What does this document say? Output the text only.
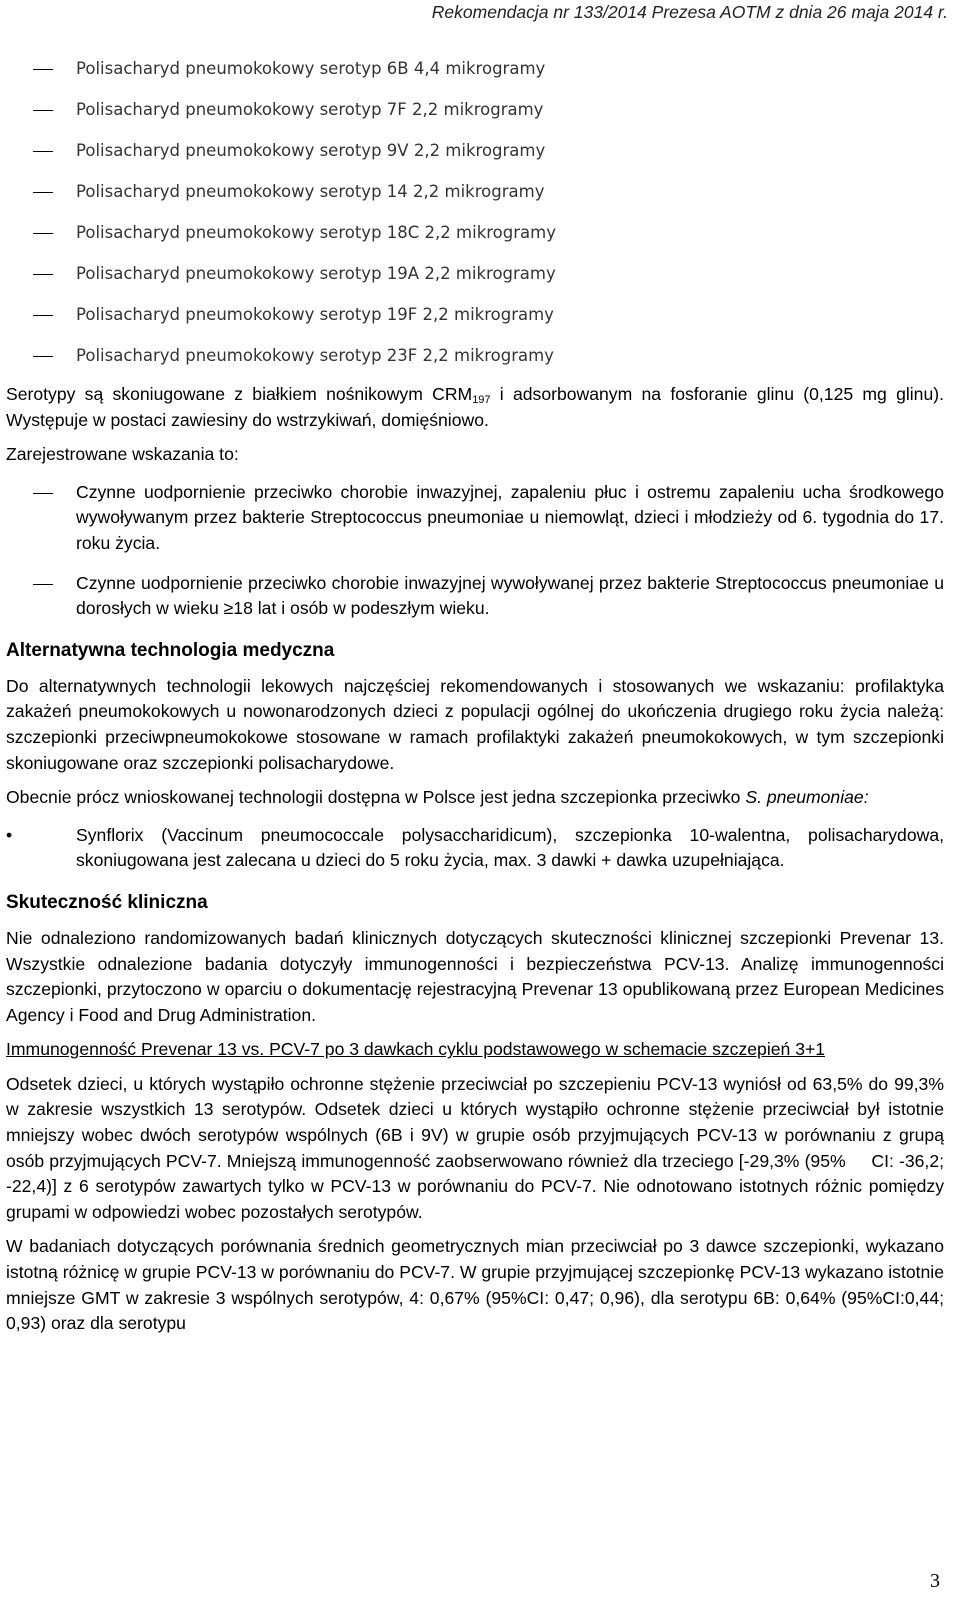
Rekomendacja nr 133/2014 Prezesa AOTM z dnia 26 maja 2014 r.
Polisacharyd pneumokokowy serotyp 6B 4,4 mikrogramy
Polisacharyd pneumokokowy serotyp 7F 2,2 mikrogramy
Polisacharyd pneumokokowy serotyp 9V 2,2 mikrogramy
Polisacharyd pneumokokowy serotyp 14 2,2 mikrogramy
Polisacharyd pneumokokowy serotyp 18C 2,2 mikrogramy
Polisacharyd pneumokokowy serotyp 19A 2,2 mikrogramy
Polisacharyd pneumokokowy serotyp 19F 2,2 mikrogramy
Polisacharyd pneumokokowy serotyp 23F 2,2 mikrogramy

Serotypy są skoniugowane z białkiem nośnikowym $CRM_{197}$ i adsorbowanym na fosforanie glinu (0,125 mg glinu). Występuje w postaci zawiesiny do wstrzykiwań, domięśniowo.

Zarejestrowane wskazania to:

Czynne uodpornienie przeciwko chorobie inwazyjnej, zapaleniu płuc i ostremu zapaleniu ucha środkowego wywoływanym przez bakterie Streptococcus pneumoniae u niemowląt, dzieci i młodzieży od 6. tygodnia do 17. roku życia.
Czynne uodpornienie przeciwko chorobie inwazyjnej wywoływanej przez bakterie Streptococcus pneumoniae u dorosłych w wieku ≥18 lat i osób w podeszłym wieku.
Alternatywna technologia medyczna

Do alternatywnych technologii lekowych najczęściej rekomendowanych i stosowanych we wskazaniu: profilaktyka zakażeń pneumokokowych u nowonarodzonych dzieci z populacji ogólnej do ukończenia drugiego roku życia należą: szczepionki przeciwpneumokokowe stosowane w ramach profilaktyki zakażeń pneumokokowych, w tym szczepionki skoniugowane oraz szczepionki polisacharydowe.

Obecnie prócz wnioskowanej technologii dostępna w Polsce jest jedna szczepionka przeciwko S. pneumoniae:

•	Synflorix (Vaccinum pneumococcale polysaccharidicum), szczepionka 10-walentna, polisacharydowa, skoniugowana jest zalecana u dzieci do 5 roku życia, max. 3 dawki + dawka uzupełniająca.
Skuteczność kliniczna

Nie odnaleziono randomizowanych badań klinicznych dotyczących skuteczności klinicznej szczepionki Prevenar 13. Wszystkie odnalezione badania dotyczyły immunogenności i bezpieczeństwa PCV-13. Analizę immunogenności szczepionki, przytoczono w oparciu o dokumentację rejestracyjną Prevenar 13 opublikowaną przez European Medicines Agency i Food and Drug Administration.

Immunogenność Prevenar 13 vs. PCV-7 po 3 dawkach cyklu podstawowego w schemacie szczepień 3+1

Odsetek dzieci, u których wystąpiło ochronne stężenie przeciwciał po szczepieniu PCV-13 wyniósł od 63,5% do 99,3% w zakresie wszystkich 13 serotypów. Odsetek dzieci u których wystąpiło ochronne stężenie przeciwciał był istotnie mniejszy wobec dwóch serotypów wspólnych (6B i 9V) w grupie osób przyjmujących PCV-13 w porównaniu z grupą osób przyjmujących PCV-7. Mniejszą immunogenność zaobserwowano również dla trzeciego [-29,3% (95%     CI: -36,2; -22,4)] z 6 serotypów zawartych tylko w PCV-13 w porównaniu do PCV-7. Nie odnotowano istotnych różnic pomiędzy grupami w odpowiedzi wobec pozostałych serotypów.

W badaniach dotyczących porównania średnich geometrycznych mian przeciwciał po 3 dawce szczepionki, wykazano istotną różnicę w grupie PCV-13 w porównaniu do PCV-7. W grupie przyjmującej szczepionkę PCV-13 wykazano istotnie mniejsze GMT w zakresie 3 wspólnych serotypów, 4: 0,67% (95%CI: 0,47; 0,96), dla serotypu 6B: 0,64% (95%CI:0,44; 0,93) oraz dla serotypu

3
